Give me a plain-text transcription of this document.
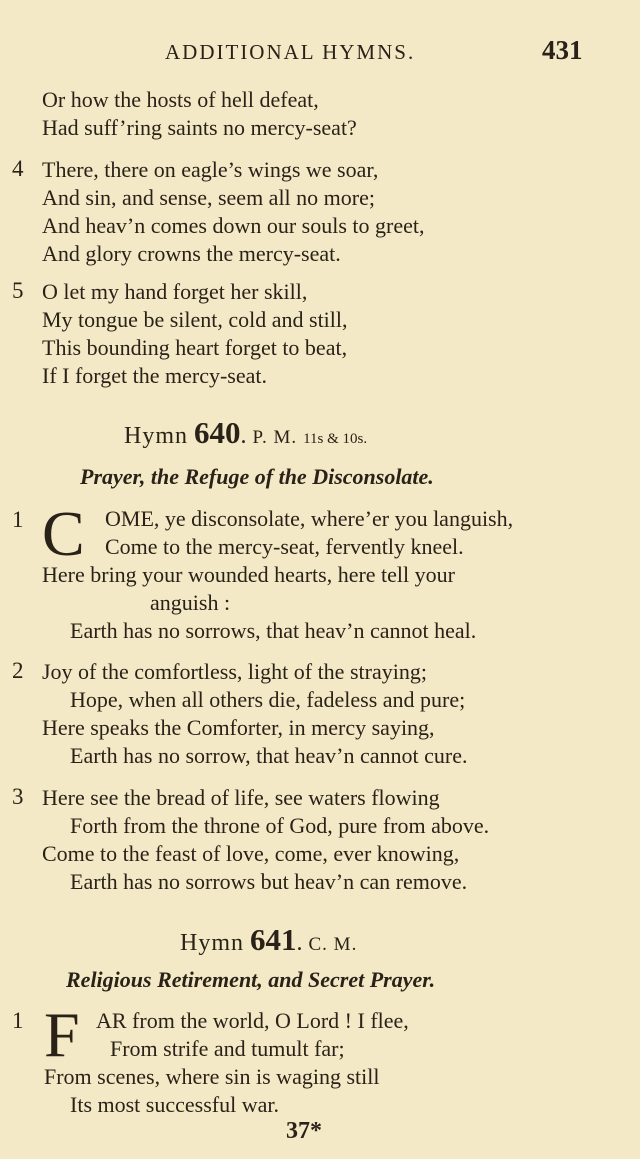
ADDITIONAL HYMNS.	431
Or how the hosts of hell defeat,
Had suff’ring saints no mercy-seat?
4 There, there on eagle’s wings we soar,
And sin, and sense, seem all no more;
And heav’n comes down our souls to greet,
And glory crowns the mercy-seat.
5 O let my hand forget her skill,
My tongue be silent, cold and still,
This bounding heart forget to beat,
If I forget the mercy-seat.
Hymn 640. P. M. 11s & 10s.
Prayer, the Refuge of the Disconsolate.
1 C OME, ye disconsolate, where’er you languish,
Come to the mercy-seat, fervently kneel.
Here bring your wounded hearts, here tell your
anguish :
Earth has no sorrows, that heav’n cannot heal.
2 Joy of the comfortless, light of the straying;
Hope, when all others die, fadeless and pure;
Here speaks the Comforter, in mercy saying,
Earth has no sorrow, that heav’n cannot cure.
3 Here see the bread of life, see waters flowing
Forth from the throne of God, pure from above.
Come to the feast of love, come, ever knowing,
Earth has no sorrows but heav’n can remove.
Hymn 641. C. M.
Religious Retirement, and Secret Prayer.
1 F AR from the world, O Lord ! I flee,
From strife and tumult far;
From scenes, where sin is waging still
Its most successful war.
37*
